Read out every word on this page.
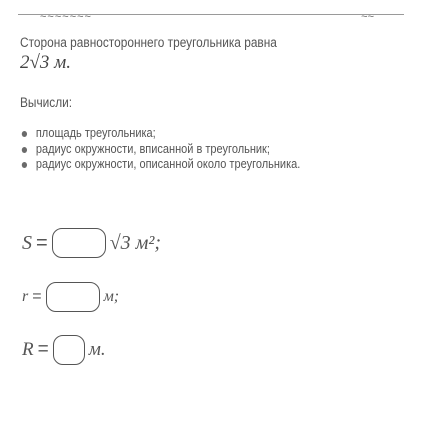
~~~~~~~	~~
Сторона равностороннего треугольника равна
2√3 м.
Вычисли:
площадь треугольника;
радиус окружности, вписанной в треугольник;
радиус окружности, описанной около треугольника.
S =	√3 м²;
r =	м;
R = м.
